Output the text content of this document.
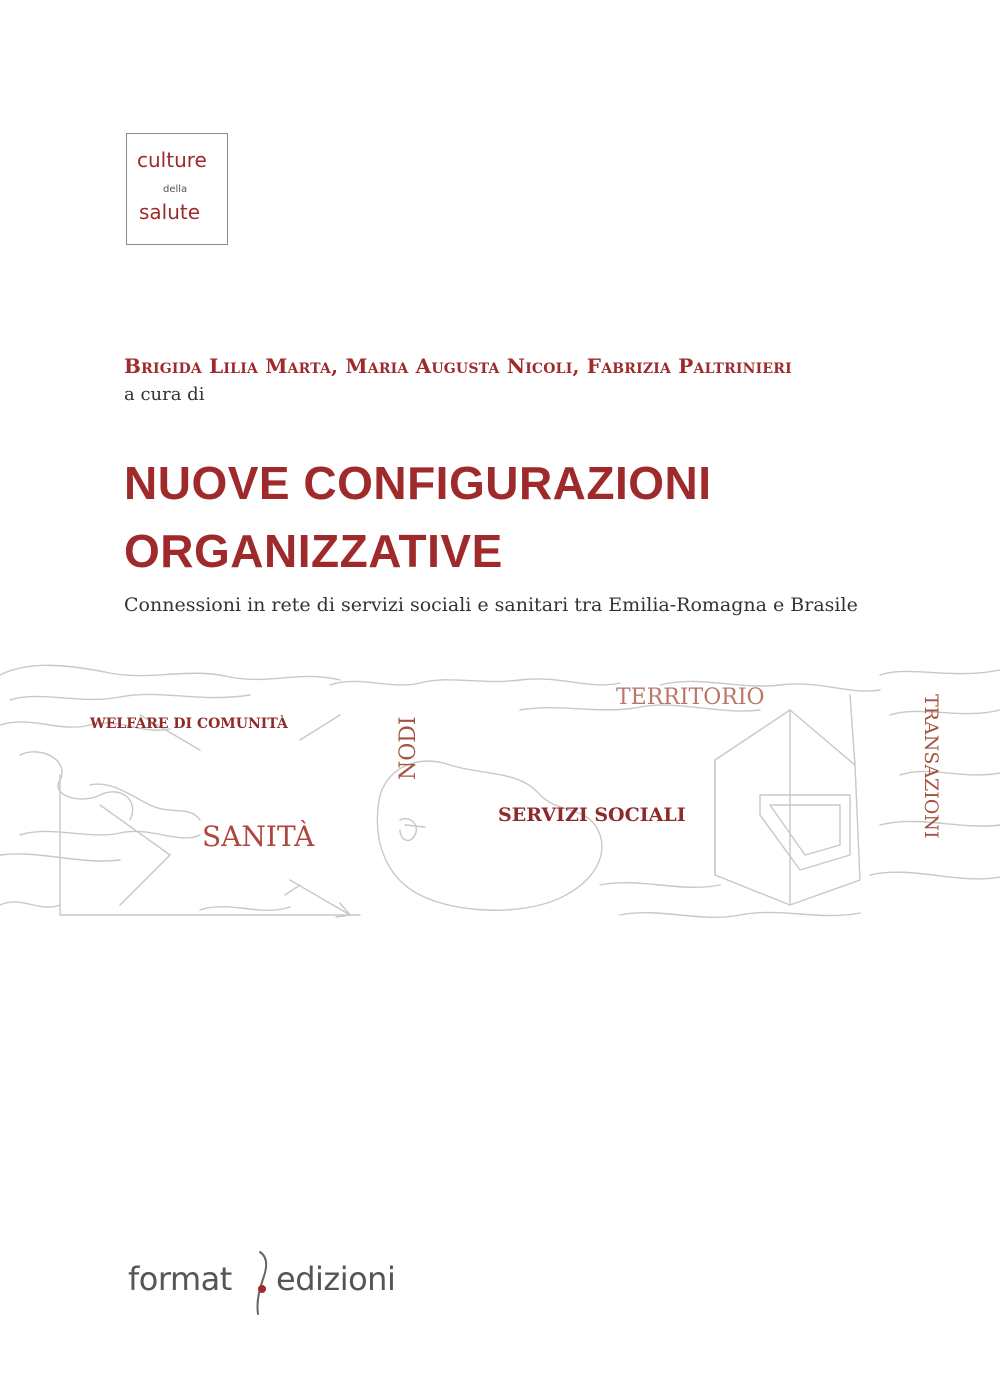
culture
della
salute
Brigida Lilia Marta, Maria Augusta Nicoli, Fabrizia Paltrinieri
a cura di
NUOVE CONFIGURAZIONI
ORGANIZZATIVE
Connessioni in rete di servizi sociali e sanitari tra Emilia-Romagna e Brasile
TERRITORIO
WELFARE DI COMUNITÀ	NODI	TRANSAZIONI
SERVIZI SOCIALI
SANITÀ
format edizioni
